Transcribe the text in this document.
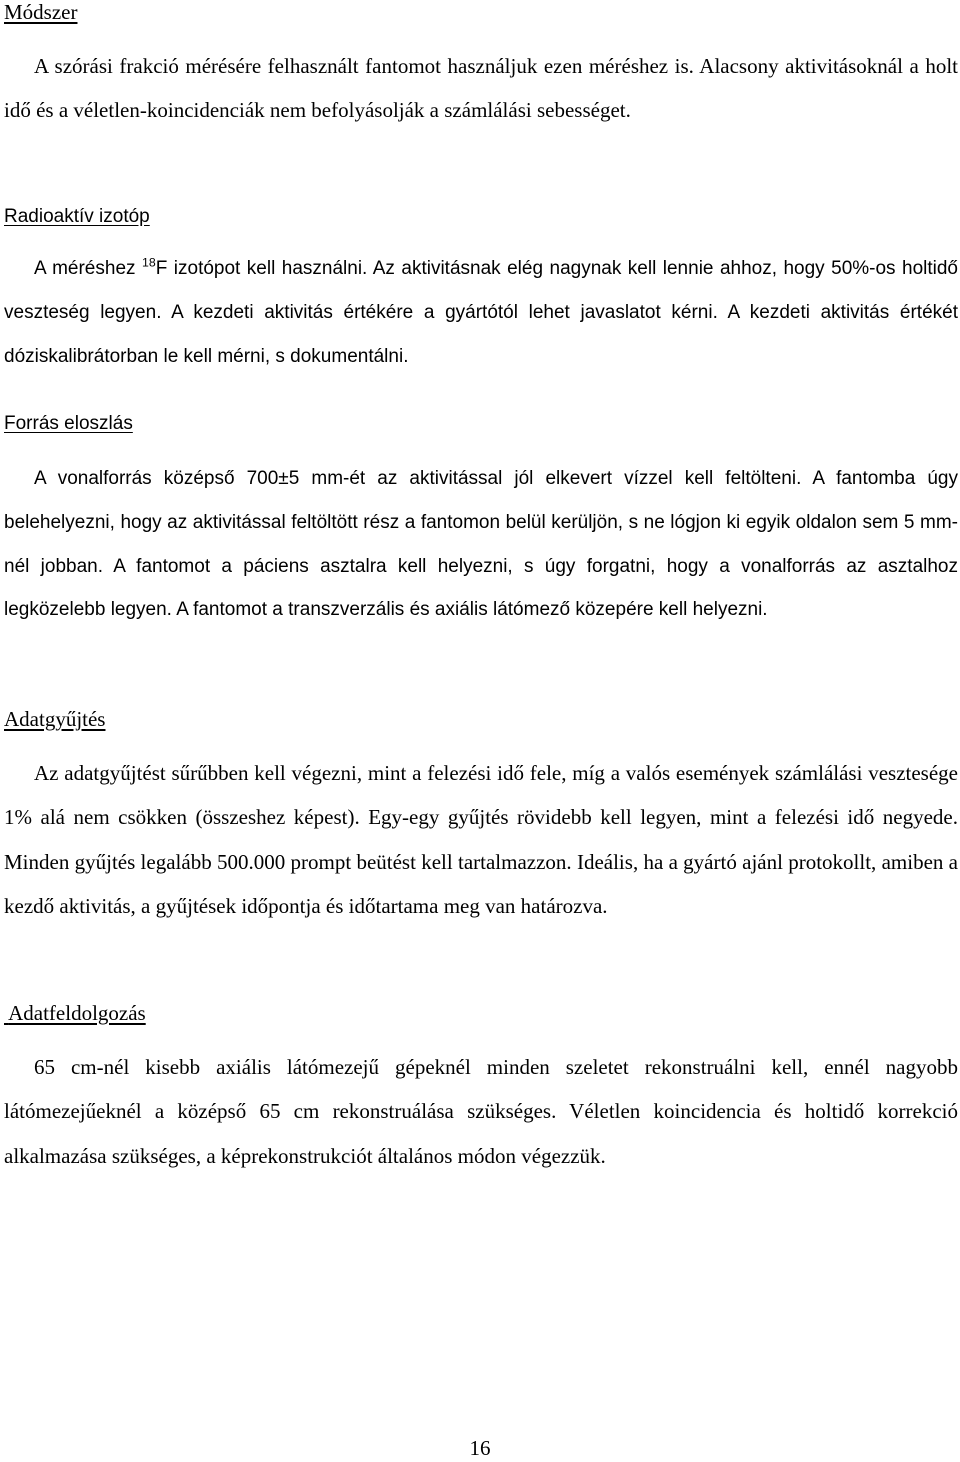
Módszer

A szórási frakció mérésére felhasznált fantomot használjuk ezen méréshez is. Alacsony aktivitásoknál a holt idő és a véletlen-koincidenciák nem befolyásolják a számlálási sebességet.

Radioaktív izotóp

A méréshez $^{18}$F izotópot kell használni. Az aktivitásnak elég nagynak kell lennie ahhoz, hogy 50%-os holtidő veszteség legyen. A kezdeti aktivitás értékére a gyártótól lehet javaslatot kérni. A kezdeti aktivitás értékét dóziskalibrátorban le kell mérni, s dokumentálni.

Forrás eloszlás

A vonalforrás középső 700±5 mm-ét az aktivitással jól elkevert vízzel kell feltölteni. A fantomba úgy belehelyezni, hogy az aktivitással feltöltött rész a fantomon belül kerüljön, s ne lógjon ki egyik oldalon sem 5 mm-nél jobban. A fantomot a páciens asztalra kell helyezni, s úgy forgatni, hogy a vonalforrás az asztalhoz legközelebb legyen. A fantomot a transzverzális és axiális látómező közepére kell helyezni.

Adatgyűjtés

Az adatgyűjtést sűrűbben kell végezni, mint a felezési idő fele, míg a valós események számlálási vesztesége 1% alá nem csökken (összeshez képest). Egy-egy gyűjtés rövidebb kell legyen, mint a felezési idő negyede. Minden gyűjtés legalább 500.000 prompt beütést kell tartalmazzon. Ideális, ha a gyártó ajánl protokollt, amiben a kezdő aktivitás, a gyűjtések időpontja és időtartama meg van határozva.

Adatfeldolgozás

65 cm-nél kisebb axiális látómezejű gépeknél minden szeletet rekonstruálni kell, ennél nagyobb látómezejűeknél a középső 65 cm rekonstruálása szükséges. Véletlen koincidencia és holtidő korrekció alkalmazása szükséges, a képrekonstrukciót általános módon végezzük.

16
